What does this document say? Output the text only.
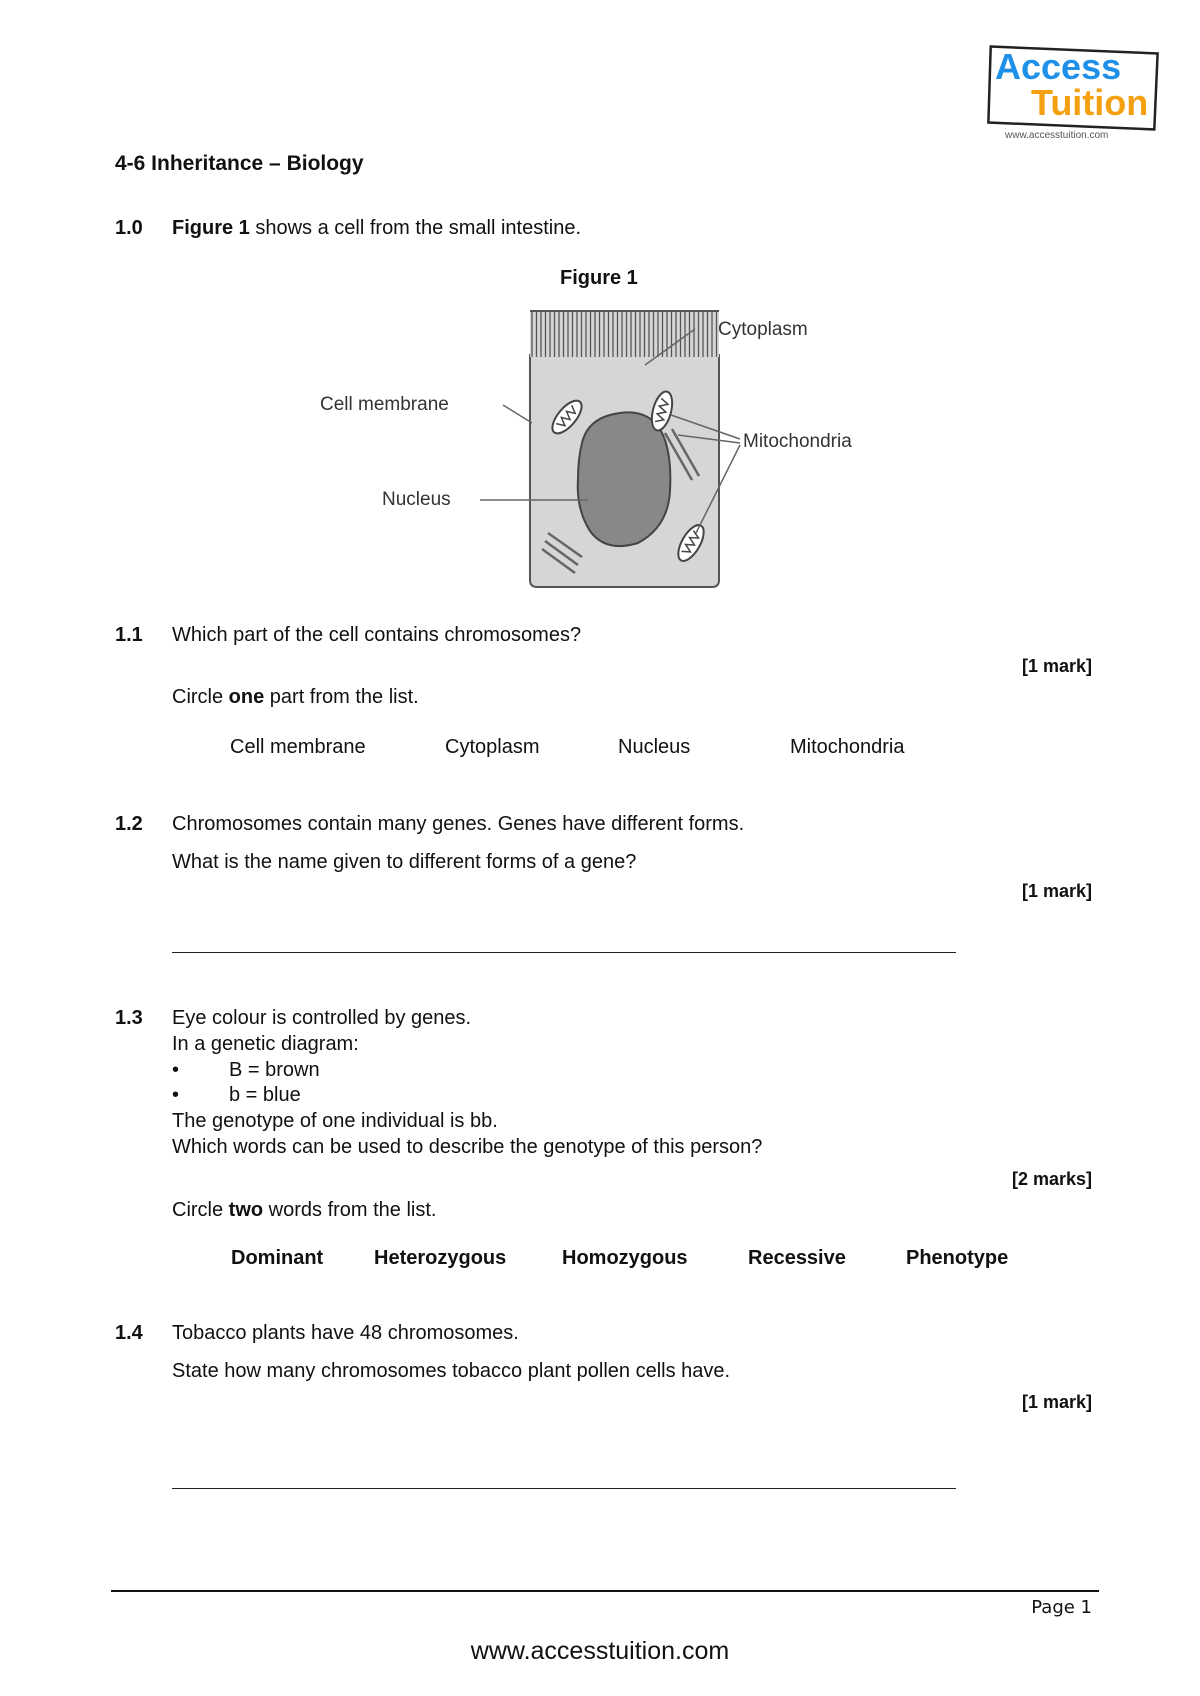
Access
Tuition
www.accesstuition.com
4-6 Inheritance – Biology
1.0 Figure 1 shows a cell from the small intestine.
Figure 1
Cytoplasm
Cell membrane
Mitochondria
Nucleus
1.1 Which part of the cell contains chromosomes?
[1 mark]
Circle one part from the list.
Cell membrane	Cytoplasm	Nucleus	Mitochondria
1.2 Chromosomes contain many genes. Genes have different forms.
What is the name given to different forms of a gene?
[1 mark]
1.3 Eye colour is controlled by genes.
In a genetic diagram:
• B = brown
• b = blue
The genotype of one individual is bb.
Which words can be used to describe the genotype of this person?
[2 marks]
Circle two words from the list.
Dominant	Heterozygous	Homozygous	Recessive	Phenotype
1.4 Tobacco plants have 48 chromosomes.
State how many chromosomes tobacco plant pollen cells have.
[1 mark]
Page 1
www.accesstuition.com
